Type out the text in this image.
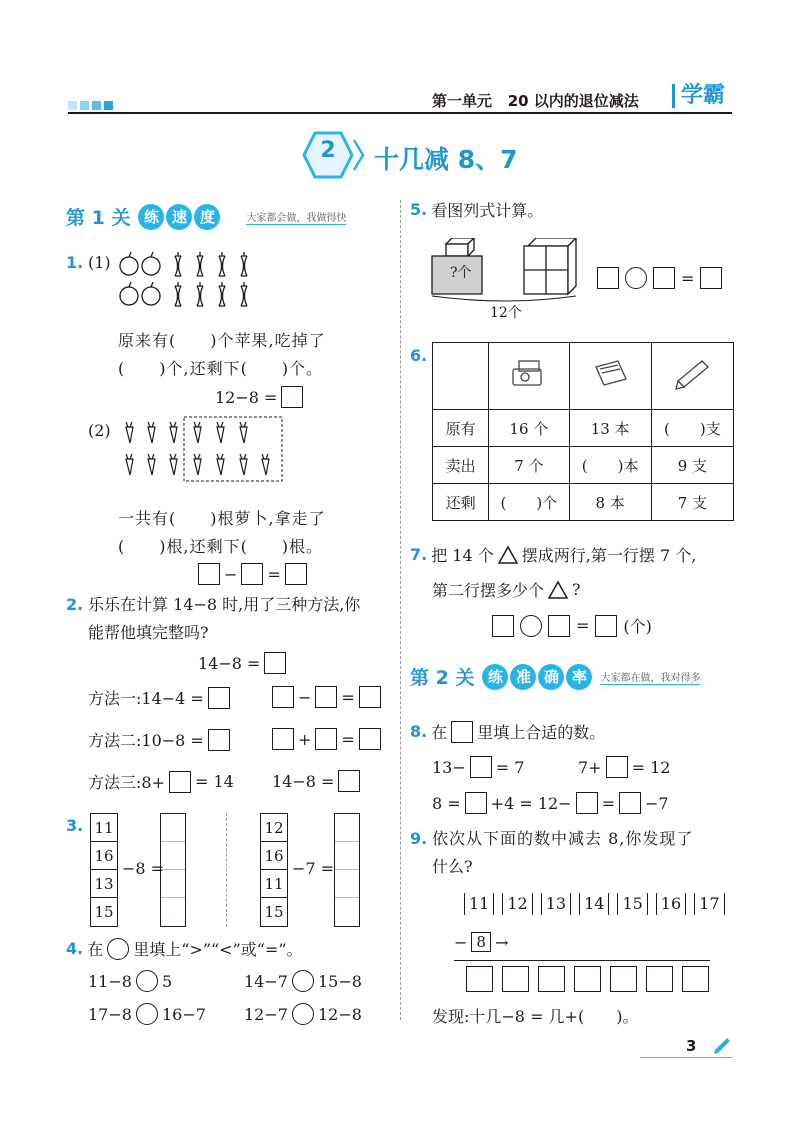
第一单元 20 以内的退位减法	学霸
2	十几减 8、7
第 1 关 练 速 度	大家都会做，我做得快
1. (1)
原来有(　　)个苹果,吃掉了
(　　)个,还剩下(　　)个。
12−8 =
(2)
一共有(　　)根萝卜,拿走了
(　　)根,还剩下(　　)根。
− =
2. 乐乐在计算 14−8 时,用了三种方法,你
能帮他填完整吗?
14−8 =
方法一:14−4 =	− =
方法二:10−8 =	+ =
方法三:8+ = 14 14−8 =
3. 11
16
13
15
−8 =
12
16
11
15
−7 =
4. 在 里填上“>”“<”或“=”。
11−8 5	14−7 15−8
17−8 16−7 12−7 12−8
5. 看图列式计算。
?个
12个
=
6.

原有	16 个	13 本	(　　)支
卖出	7 个	(　　)本	9 支
还剩	(　　)个	8 本	7 支
7. 把 14 个 摆成两行,第一行摆 7 个,
第二行摆多少个 ?
= (个)
第 2 关 练 准 确 率	大家都在做，我对得多
8. 在 里填上合适的数。
13− = 7	7+ = 12
8 = +4 = 12− = −7
9. 依次从下面的数中减去 8,你发现了
什么?
11	12	13	14	15	16	17
− 8 →
发现:十几−8 = 几+(　　)。
3
